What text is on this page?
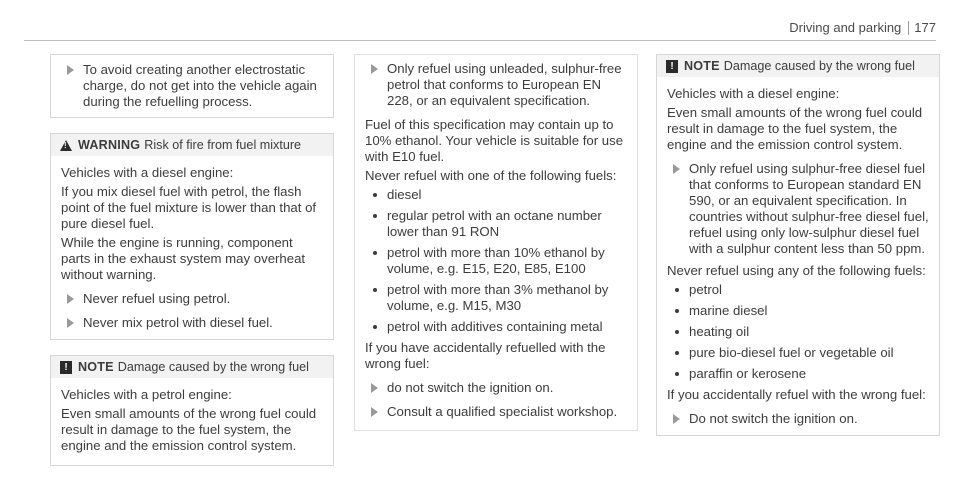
Driving and parking 177
To avoid creating another electrostatic charge, do not get into the vehicle again during the refuelling process.
!
WARNING Risk of fire from fuel mixture

Vehicles with a diesel engine:

If you mix diesel fuel with petrol, the flash point of the fuel mixture is lower than that of pure diesel fuel.

While the engine is running, component parts in the exhaust system may overheat without warning.

Never refuel using petrol.
Never mix petrol with diesel fuel.
! NOTE Damage caused by the wrong fuel

Vehicles with a petrol engine:

Even small amounts of the wrong fuel could result in damage to the fuel system, the engine and the emission control system.

Only refuel using unleaded, sulphur-free petrol that conforms to European EN 228, or an equivalent specification.

Fuel of this specification may contain up to 10% ethanol. Your vehicle is suitable for use with E10 fuel.

Never refuel with one of the following fuels:

diesel
regular petrol with an octane number lower than 91 RON
petrol with more than 10% ethanol by volume, e.g. E15, E20, E85, E100
petrol with more than 3% methanol by volume, e.g. M15, M30
petrol with additives containing metal

If you have accidentally refuelled with the wrong fuel:

do not switch the ignition on.
Consult a qualified specialist workshop.
! NOTE Damage caused by the wrong fuel

Vehicles with a diesel engine:

Even small amounts of the wrong fuel could result in damage to the fuel system, the engine and the emission control system.

Only refuel using sulphur-free diesel fuel that conforms to European standard EN 590, or an equivalent specification. In countries without sulphur-free diesel fuel, refuel using only low-sulphur diesel fuel with a sulphur content less than 50 ppm.

Never refuel using any of the following fuels:

petrol
marine diesel
heating oil
pure bio-diesel fuel or vegetable oil
paraffin or kerosene

If you accidentally refuel with the wrong fuel:

Do not switch the ignition on.
